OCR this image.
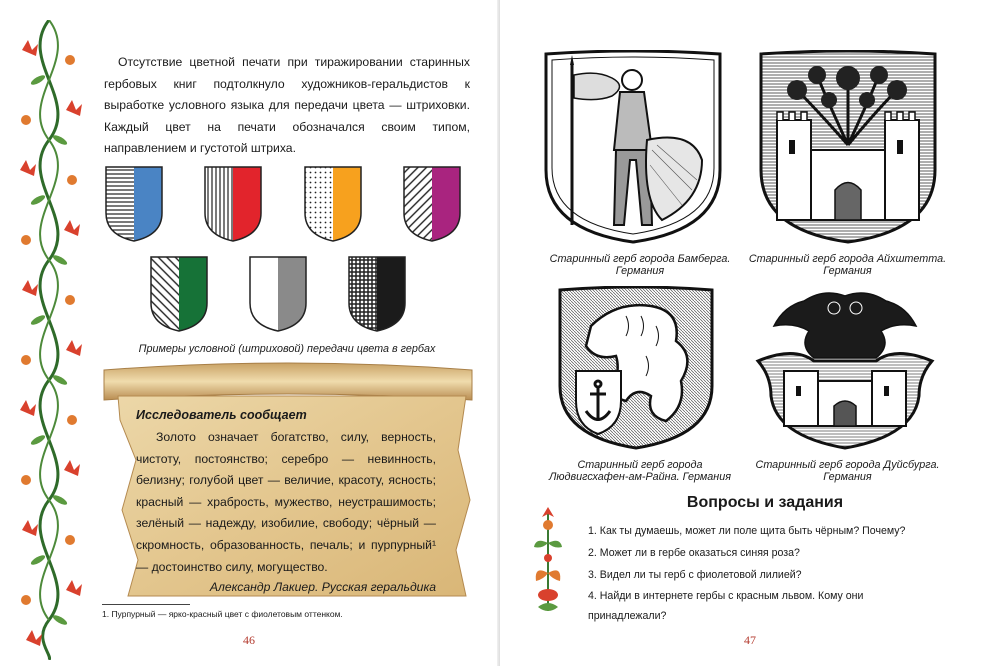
Отсутствие цветной печати при тиражировании старинных гербовых книг подтолкнуло художников-геральдистов к выработке условного языка для передачи цвета — штриховки. Каждый цвет на печати обозначался своим типом, направлением и густотой штриха.

Примеры условной (штриховой) передачи цвета в гербах

Исследователь сообщает

Золото означает богатство, силу, верность, чистоту, постоянство; серебро — невинность, белизну; голубой цвет — величие, красоту, ясность; красный — храбрость, мужество, неустрашимость; зелёный — надежду, изобилие, свободу; чёрный — скромность, образованность, печаль; и пурпурный¹ — достоинство силу, могущество.

Александр Лакиер. Русская геральдика

1. Пурпурный — ярко-красный цвет с фиолетовым оттенком.

46

Старинный герб города Бамберга.
Германия

Старинный герб города Айхштетта.
Германия

Старинный герб города
Людвигсхафен-ам-Райна. Германия

Старинный герб города Дуйсбурга.
Германия

Вопросы и задания

1. Как ты думаешь, может ли поле щита быть чёрным? Почему?
2. Может ли в гербе оказаться синяя роза?
3. Видел ли ты герб с фиолетовой лилией?
4. Найди в интернете гербы с красным львом. Кому они принадлежали?

47
